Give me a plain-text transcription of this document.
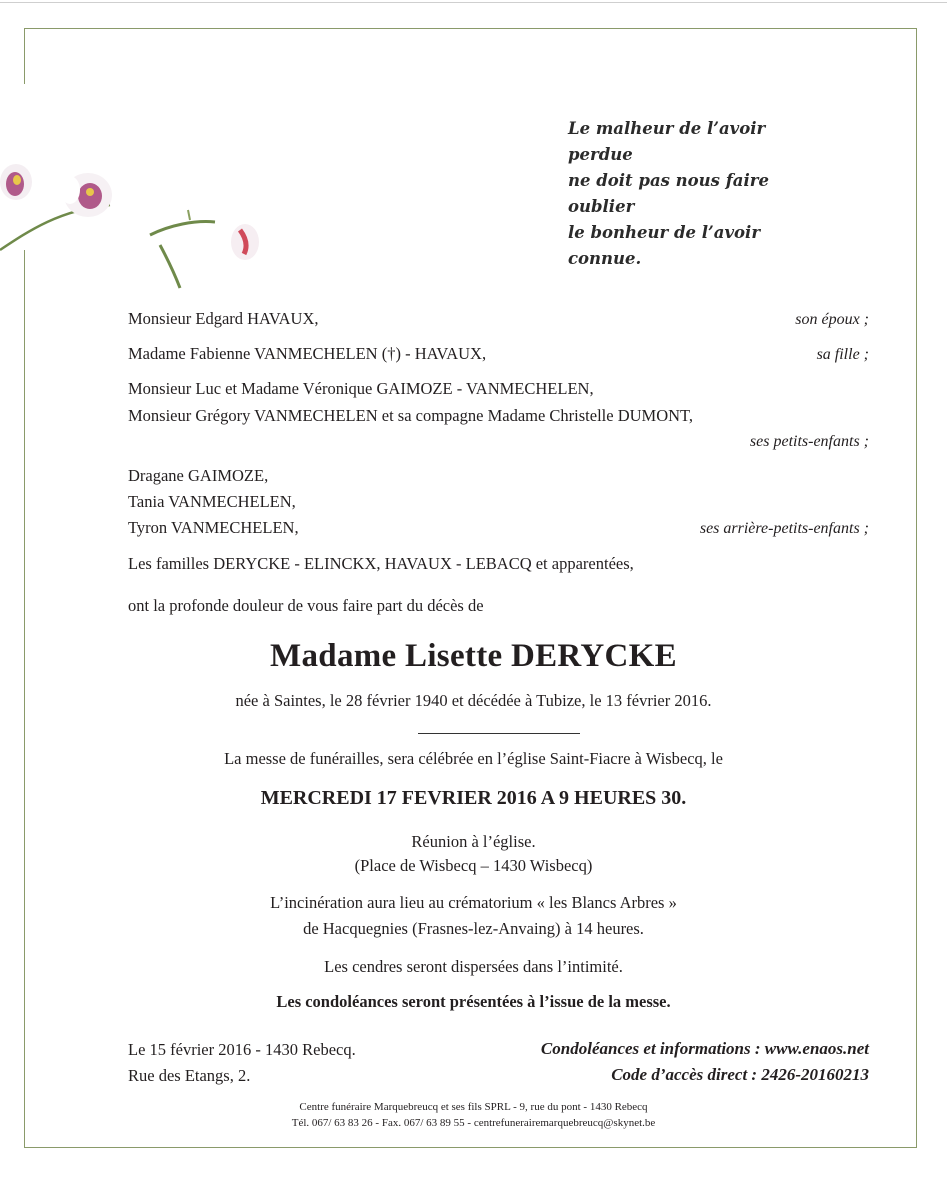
Le malheur de l’avoir perdue
ne doit pas nous faire oublier
le bonheur de l’avoir connue.
Monsieur Edgard HAVAUX,	son époux ;
Madame Fabienne VANMECHELEN (†) - HAVAUX,	sa fille ;
Monsieur Luc et Madame Véronique GAIMOZE - VANMECHELEN,
Monsieur Grégory VANMECHELEN et sa compagne Madame Christelle DUMONT,
ses petits-enfants ;
Dragane GAIMOZE,
Tania VANMECHELEN,
Tyron VANMECHELEN,	ses arrière-petits-enfants ;
Les familles DERYCKE - ELINCKX, HAVAUX - LEBACQ et apparentées,
ont la profonde douleur de vous faire part du décès de
Madame Lisette DERYCKE
née à Saintes, le 28 février 1940 et décédée à Tubize, le 13 février 2016.
La messe de funérailles, sera célébrée en l’église Saint-Fiacre à Wisbecq, le
MERCREDI 17 FEVRIER 2016 A 9 HEURES 30.
Réunion à l’église.
(Place de Wisbecq – 1430 Wisbecq)
L’incinération aura lieu au crématorium « les Blancs Arbres »
de Hacquegnies (Frasnes-lez-Anvaing) à 14 heures.
Les cendres seront dispersées dans l’intimité.
Les condoléances seront présentées à l’issue de la messe.
Le 15 février 2016 - 1430 Rebecq.
Rue des Etangs, 2.
Condoléances et informations : www.enaos.net
Code d’accès direct : 2426-20160213
Centre funéraire Marquebreucq et ses fils SPRL - 9, rue du pont - 1430 Rebecq
Tél. 067/ 63 83 26 - Fax. 067/ 63 89 55 - centrefunerairemarquebreucq@skynet.be
